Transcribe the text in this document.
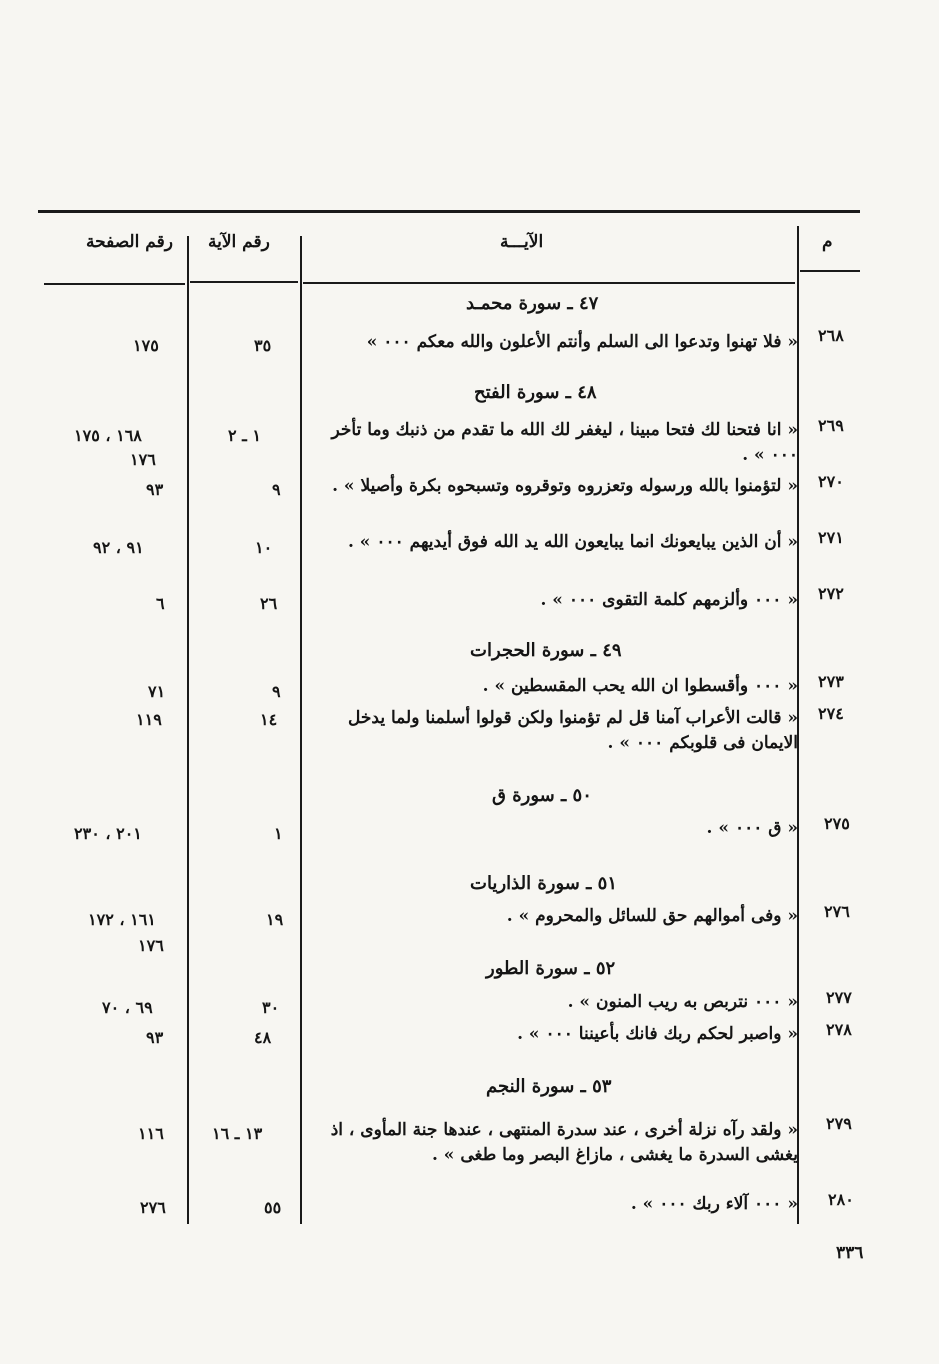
م
الآيـــة
رقم الآية
رقم الصفحة
٤٧ ـ سورة محمـد
٤٨ ـ سورة الفتح
٤٩ ـ سورة الحجرات
٥٠ ـ سورة ق
٥١ ـ سورة الذاريات
٥٢ ـ سورة الطور
٥٣ ـ سورة النجم
٢٦٨
« فلا تهنوا وتدعوا الى السلم وأنتم الأعلون والله معكم ٠٠٠ »
٣٥
١٧٥
٢٦٩
« انا فتحنا لك فتحا مبينا ، ليغفر لك الله ما تقدم من ذنبك وما تأخر ٠٠٠ » .
١ ـ ٢
١٦٨ ، ١٧٥
١٧٦
٢٧٠
« لتؤمنوا بالله ورسوله وتعزروه وتوقروه وتسبحوه بكرة وأصيلا » .
٩
٩٣
٢٧١
« أن الذين يبايعونك انما يبايعون الله يد الله فوق أيديهم ٠٠٠ » .
١٠
٩١ ، ٩٢
٢٧٢
« ٠٠٠ وألزمهم كلمة التقوى ٠٠٠ » .
٢٦
٦
٢٧٣
« ٠٠٠ وأقسطوا ان الله يحب المقسطين » .
٩
٧١
٢٧٤
« قالت الأعراب آمنا قل لم تؤمنوا ولكن قولوا أسلمنا ولما يدخل الايمان فى قلوبكم ٠٠٠ » .
١٤
١١٩
٢٧٥
« ق ٠٠٠ » .
١
٢٠١ ، ٢٣٠
٢٧٦
« وفى أموالهم حق للسائل والمحروم » .
١٩
١٦١ ، ١٧٢
١٧٦
٢٧٧
« ٠٠٠ نتربص به ريب المنون » .
٣٠
٦٩ ، ٧٠
٢٧٨
« واصبر لحكم ربك فانك بأعيننا ٠٠٠ » .
٤٨
٩٣
٢٧٩
« ولقد رآه نزلة أخرى ، عند سدرة المنتهى ، عندها جنة المأوى ، اذ يغشى السدرة ما يغشى ، مازاغ البصر وما طغى » .
١٣ ـ ١٦
١١٦
٢٨٠
« ٠٠٠ آلاء ربك ٠٠٠ » .
٥٥
٢٧٦
٣٣٦
